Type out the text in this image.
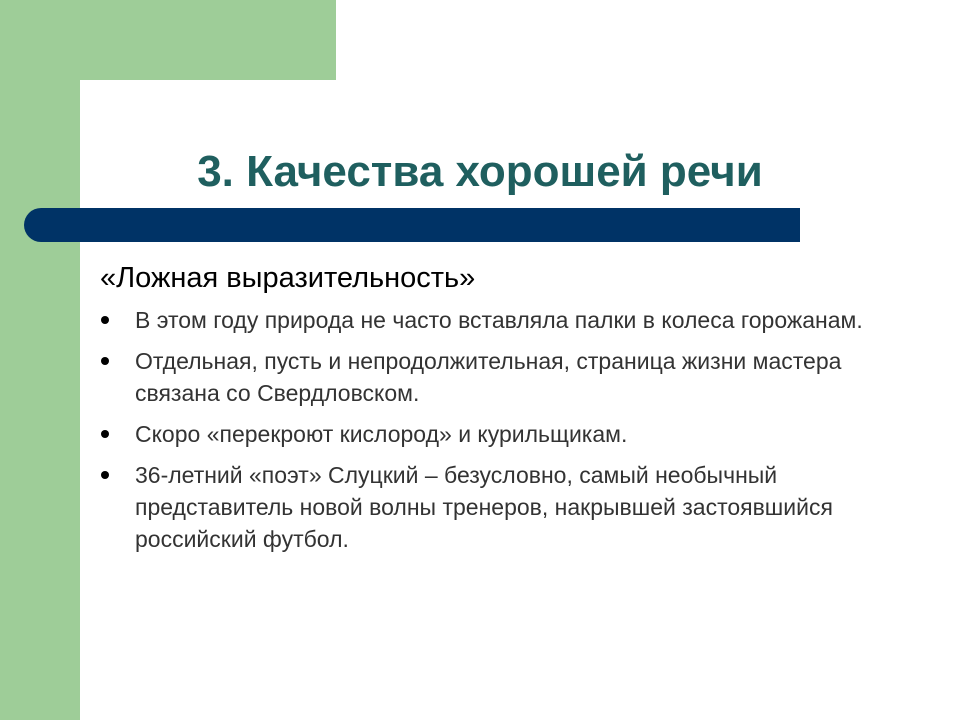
3. Качества хорошей речи

«Ложная выразительность»

В этом году природа не часто вставляла палки в колеса горожанам.
Отдельная, пусть и непродолжительная, страница жизни мастера связана со Свердловском.
Скоро «перекроют кислород» и курильщикам.
36-летний «поэт» Слуцкий – безусловно, самый необычный представитель новой волны тренеров, накрывшей застоявшийся российский футбол.
